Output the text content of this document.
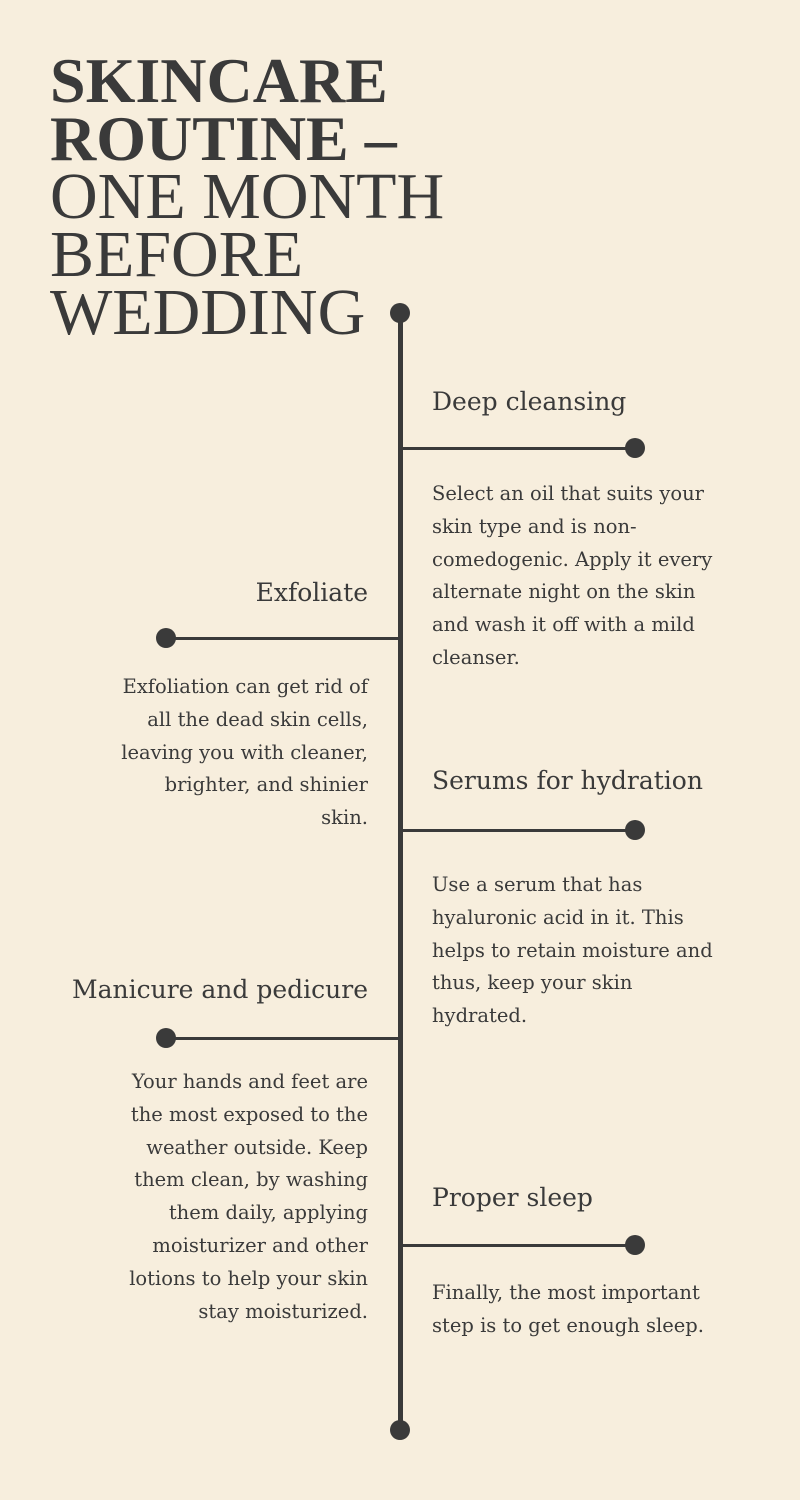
SKINCARE
ROUTINE –
ONE MONTH
BEFORE
WEDDING
Deep cleansing
Select an oil that suits your skin type and is non-comedogenic. Apply it every alternate night on the skin and wash it off with a mild cleanser.
Exfoliate
Exfoliation can get rid of all the dead skin cells, leaving you with cleaner, brighter, and shinier skin.
Serums for hydration
Use a serum that has hyaluronic acid in it. This helps to retain moisture and thus, keep your skin hydrated.
Manicure and pedicure
Your hands and feet are the most exposed to the weather outside. Keep them clean, by washing them daily, applying moisturizer and other lotions to help your skin stay moisturized.
Proper sleep
Finally, the most important step is to get enough sleep.
